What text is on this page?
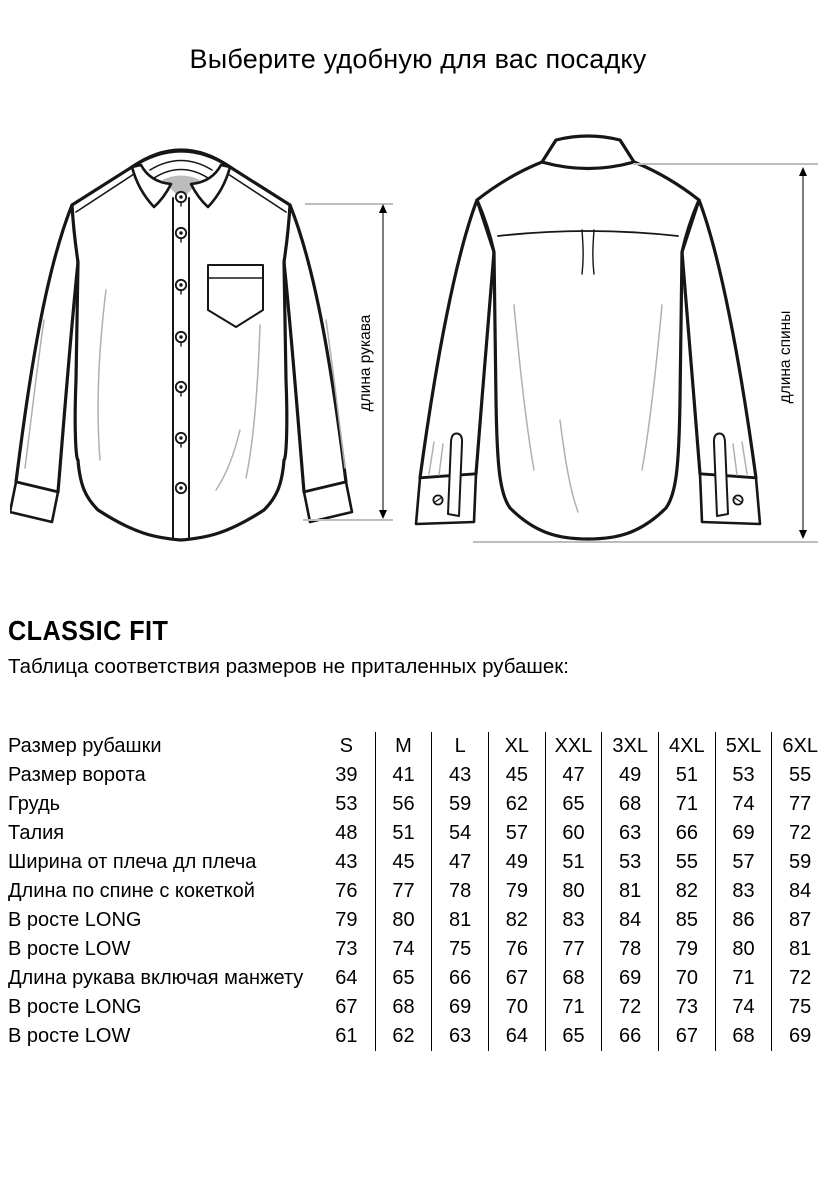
Выберите удобную для вас посадку
длина рукава	длина спины
CLASSIC FIT
Таблица соответствия размеров не приталенных рубашек:
Размер рубашки	S	M	L	XL	XXL 3XL	4XL	5XL	6XL
Размер ворота	39	41	43	45	47	49	51	53	55
Грудь	53	56	59	62	65	68	71	74	77
Талия	48	51	54	57	60	63	66	69	72
Ширина от плеча дл плеча	43	45	47	49	51	53	55	57	59
Длина по спине с кокеткой	76	77	78	79	80	81	82	83	84
В росте LONG	79	80	81	82	83	84	85	86	87
В росте LOW	73	74	75	76	77	78	79	80	81
Длина рукава включая манжету	64	65	66	67	68	69	70	71	72
В росте LONG	67	68	69	70	71	72	73	74	75
В росте LOW	61	62	63	64	65	66	67	68	69
